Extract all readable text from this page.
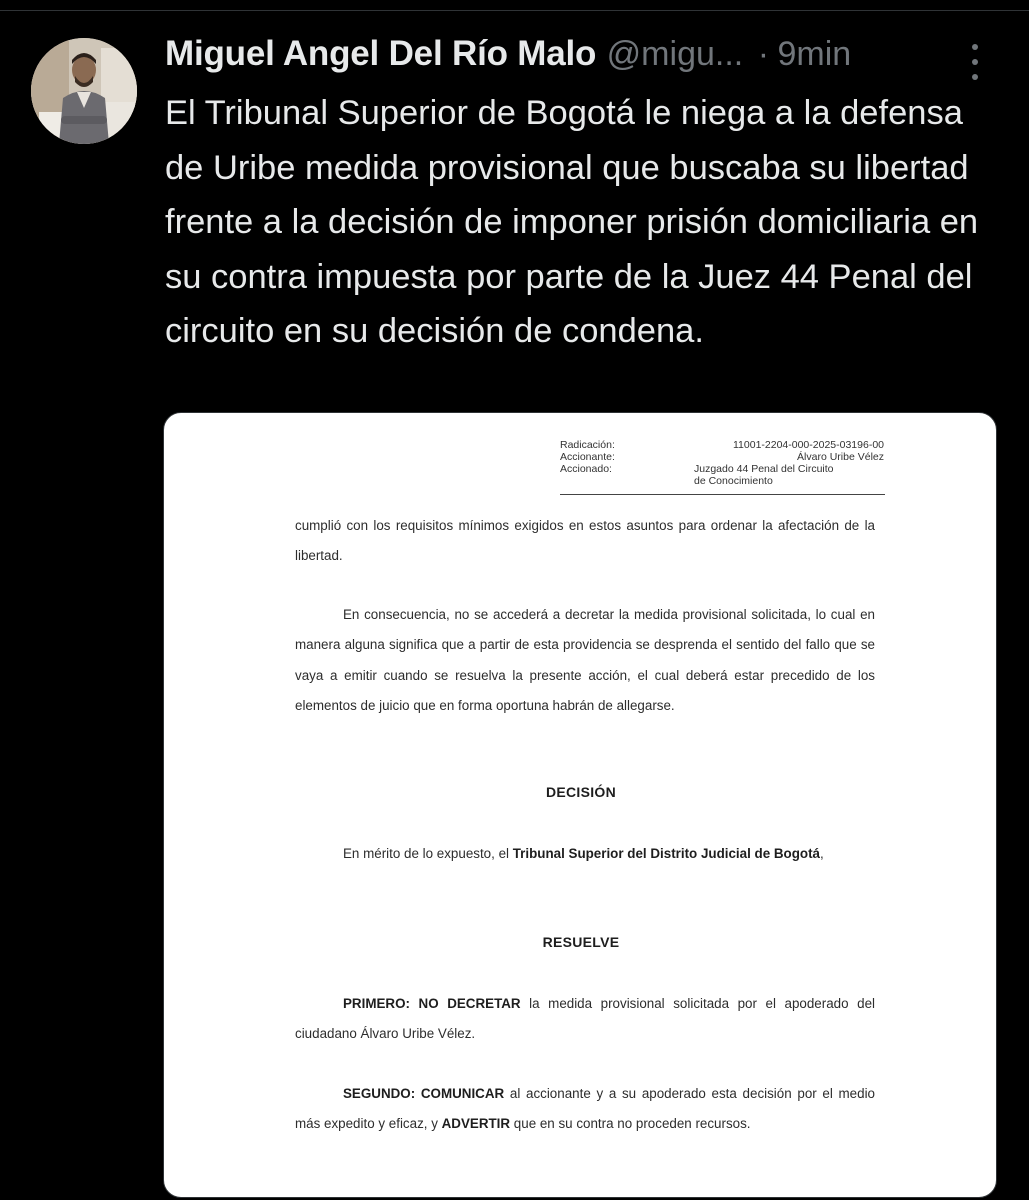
Miguel Angel Del Río Malo @migu... · 9min

El Tribunal Superior de Bogotá le niega a la defensa de Uribe medida provisional que buscaba su libertad frente a la decisión de imponer prisión domiciliaria en su contra impuesta por parte de la Juez 44 Penal del circuito en su decisión de condena.

Radicación:	11001-2204-000-2025-03196-00
Accionante:	Álvaro Uribe Vélez
Accionado:	Juzgado 44 Penal del Circuito
de Conocimiento

cumplió con los requisitos mínimos exigidos en estos asuntos para ordenar la afectación de la libertad.

En consecuencia, no se accederá a decretar la medida provisional solicitada, lo cual en manera alguna significa que a partir de esta providencia se desprenda el sentido del fallo que se vaya a emitir cuando se resuelva la presente acción, el cual deberá estar precedido de los elementos de juicio que en forma oportuna habrán de allegarse.

DECISIÓN

En mérito de lo expuesto, el Tribunal Superior del Distrito Judicial de Bogotá,

RESUELVE

PRIMERO: NO DECRETAR la medida provisional solicitada por el apoderado del ciudadano Álvaro Uribe Vélez.

SEGUNDO: COMUNICAR al accionante y a su apoderado esta decisión por el medio más expedito y eficaz, y ADVERTIR que en su contra no proceden recursos.
